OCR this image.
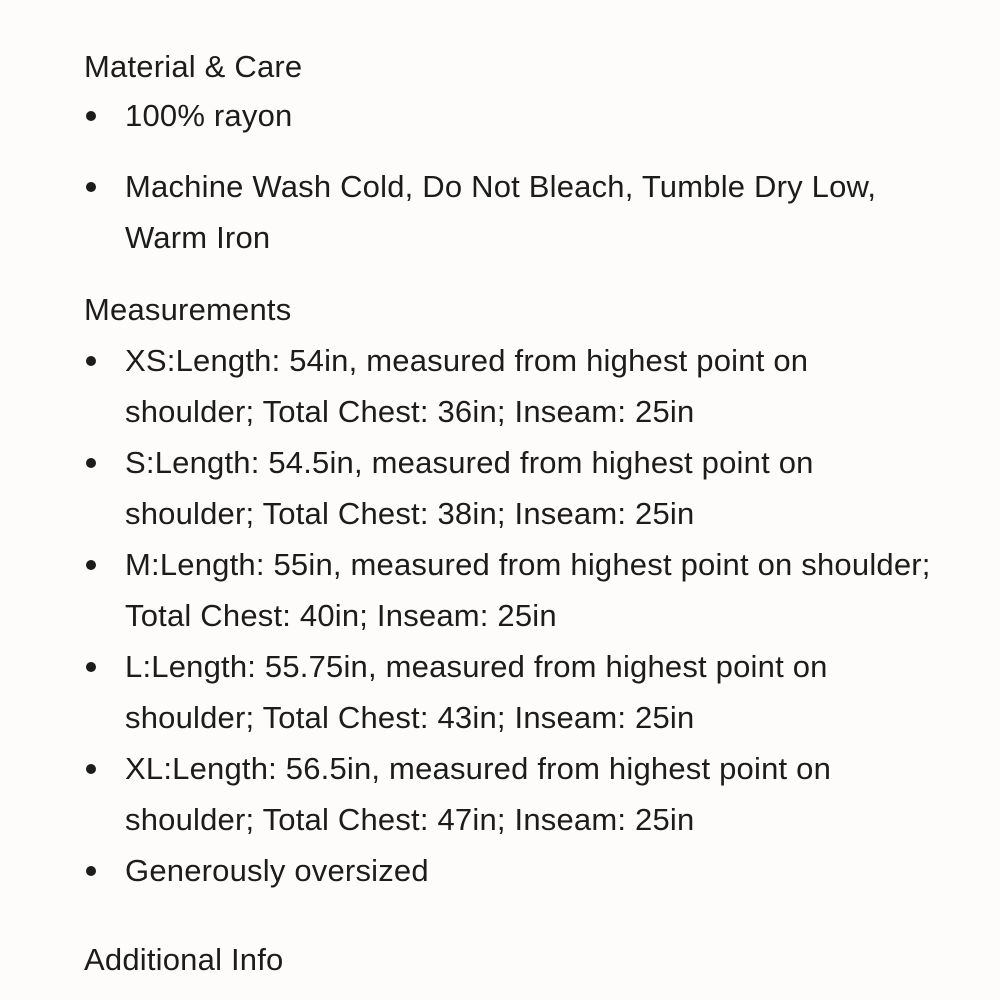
Material & Care
100% rayon
Machine Wash Cold, Do Not Bleach, Tumble Dry Low, Warm Iron
Measurements
XS:Length: 54in, measured from highest point on shoulder; Total Chest: 36in; Inseam: 25in
S:Length: 54.5in, measured from highest point on shoulder; Total Chest: 38in; Inseam: 25in
M:Length: 55in, measured from highest point on shoulder; Total Chest: 40in; Inseam: 25in
L:Length: 55.75in, measured from highest point on shoulder; Total Chest: 43in; Inseam: 25in
XL:Length: 56.5in, measured from highest point on shoulder; Total Chest: 47in; Inseam: 25in
Generously oversized
Additional Info
